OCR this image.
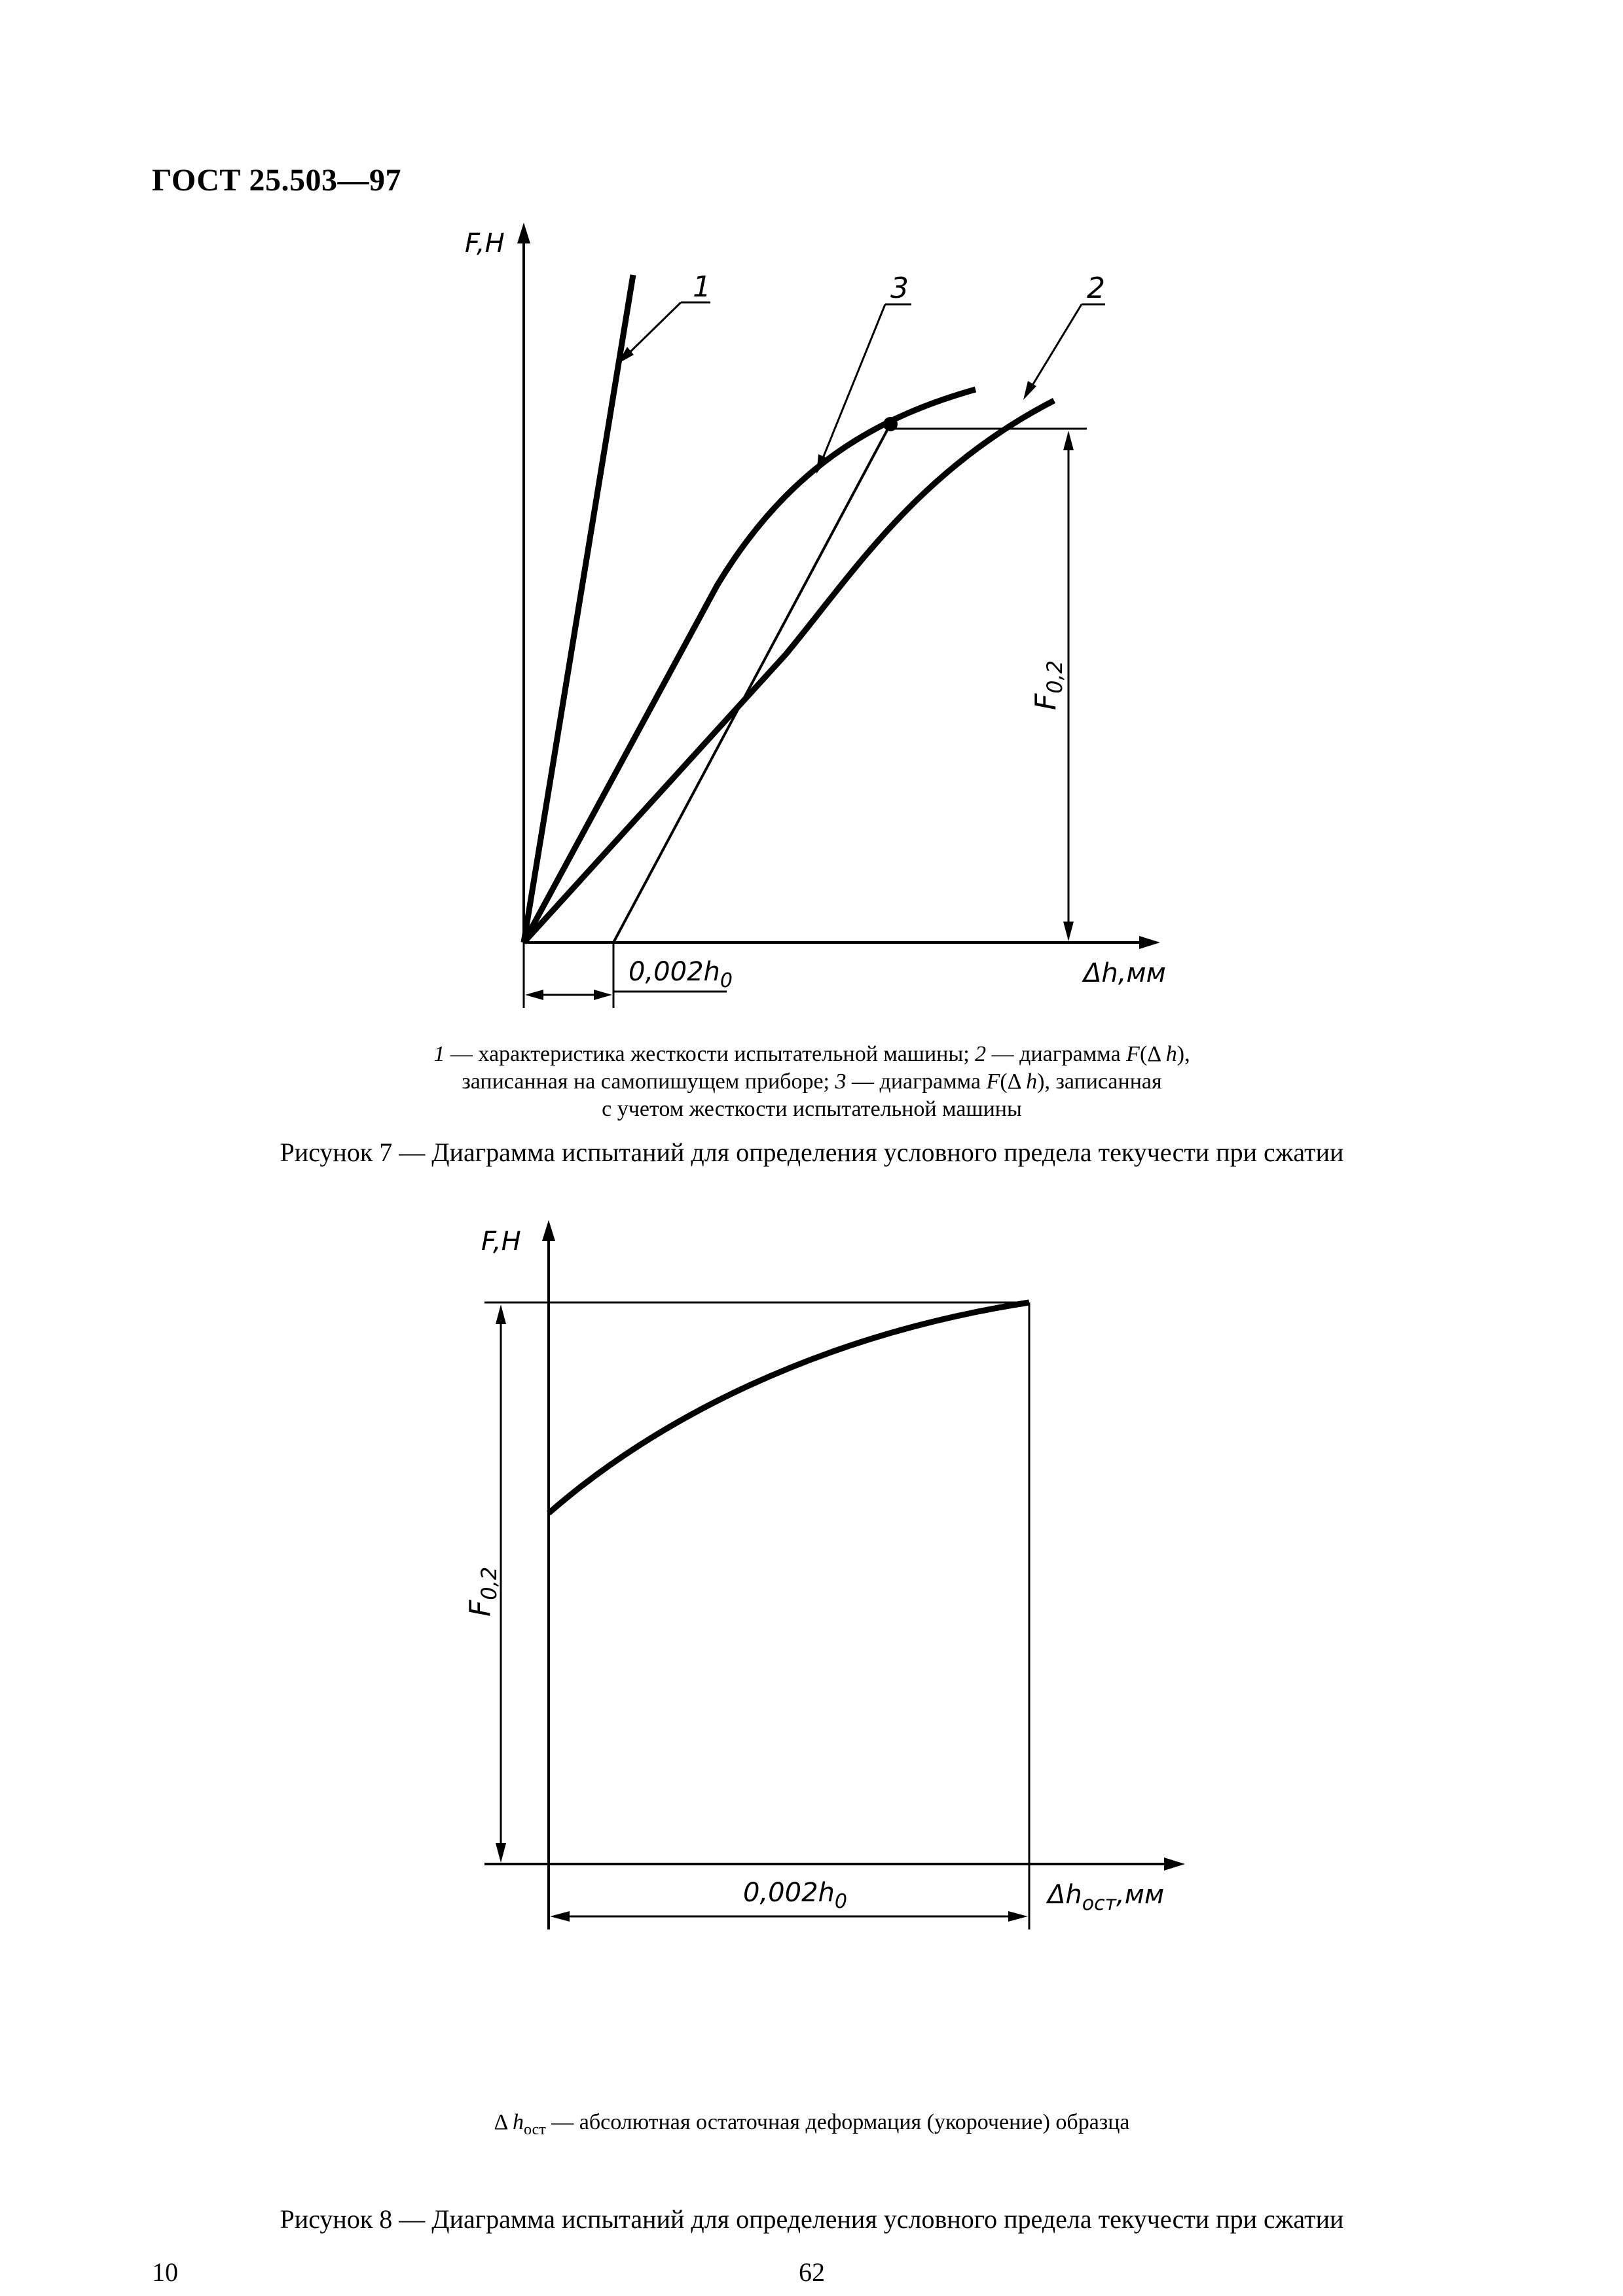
ГОСТ 25.503—97
F,H
Δh,мм
$F_{0,2}$
$0,002h_0$
1	3	2
1 — характеристика жесткости испытательной машины; 2 — диаграмма F(Δ h),
записанная на самопишущем приборе; 3 — диаграмма F(Δ h), записанная
с учетом жесткости испытательной машины
Рисунок 7 — Диаграмма испытаний для определения условного предела текучести при сжатии
F,H
$\Delta h_{ост},мм$
$F_{0,2}$
$0,002h_0$
Δ $h_{ост}$ — абсолютная остаточная деформация (укорочение) образца
Рисунок 8 — Диаграмма испытаний для определения условного предела текучести при сжатии
10	62
